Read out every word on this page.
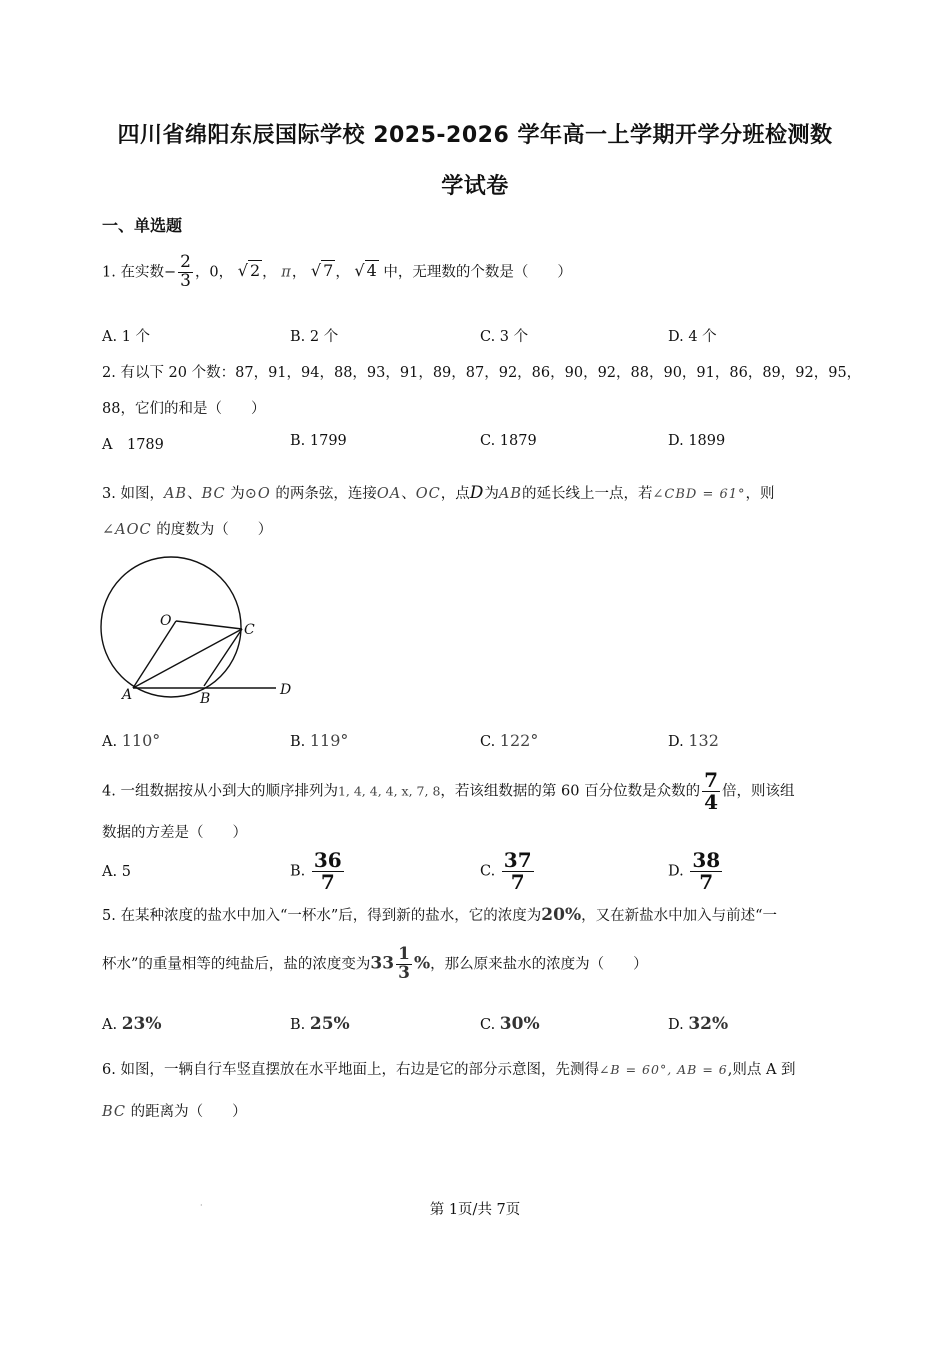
四川省绵阳东辰国际学校 2025-2026 学年高一上学期开学分班检测数
学试卷
一、单选题
1. 在实数− $\frac{2}{3}$ ，0， √ 2 ， π， √ 7 ， √ 4 中，无理数的个数是（　　）
A. 1 个	B. 2 个	C. 3 个	D. 4 个
2. 有以下 20 个数：87，91，94，88，93，91，89，87，92，86，90，92，88，90，91，86，89，92，95，
88，它们的和是（　　）
A　1789	B. 1799	C. 1879	D. 1899
3. 如图，AB、BC 为⊙O 的两条弦，连接OA、OC，点D为AB的延长线上一点，若∠CBD = 61°，则
∠AOC 的度数为（　　）
O
C
A	B
D
A. 110°	B. 119°	C. 122°	D. 132
4. 一组数据按从小到大的顺序排列为1, 4, 4, 4, x, 7, 8，若该组数据的第 60 百分位数是众数的 $\frac{7}{4}$ 倍，则该组
数据的方差是（　　）
A. 5	B. $\frac{36}{7}$	C. $\frac{37}{7}$	D. $\frac{38}{7}$
5. 在某种浓度的盐水中加入“一杯水”后，得到新的盐水，它的浓度为20%，又在新盐水中加入与前述“一
杯水”的重量相等的纯盐后，盐的浓度变为$33 \frac{1}{3}$ %，那么原来盐水的浓度为（　　）
A. 23%	B. 25%	C. 30%	D. 32%
6. 如图，一辆自行车竖直摆放在水平地面上，右边是它的部分示意图，先测得∠B = 60°, AB = 6,则点 A 到
BC 的距离为（　　）
·	第 1页/共 7页
